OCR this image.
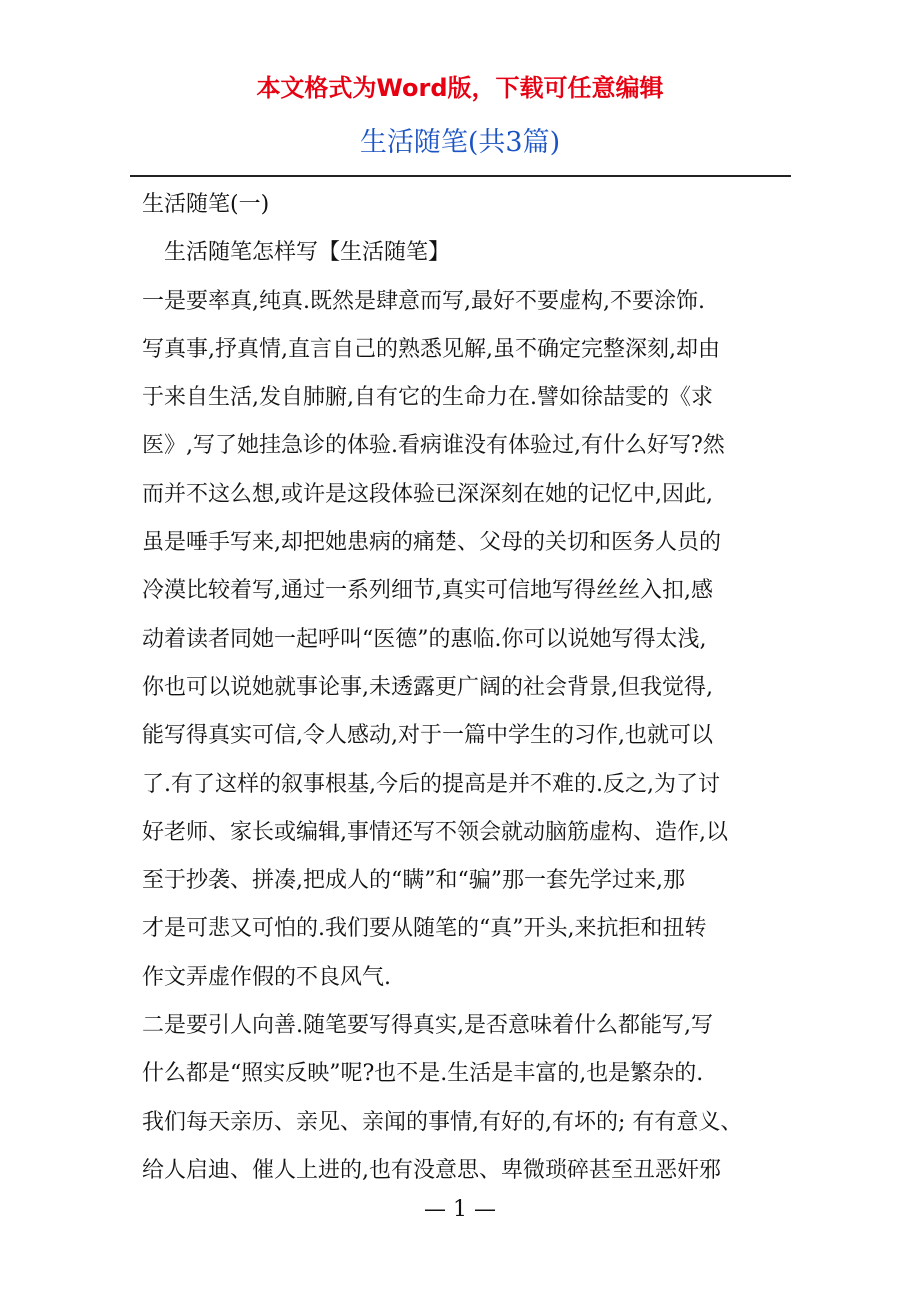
本文格式为Word版，下载可任意编辑
生活随笔(共3篇)

生活随笔(一)

生活随笔怎样写【生活随笔】

一是要率真,纯真.既然是肆意而写,最好不要虚构,不要涂饰.

写真事,抒真情,直言自己的熟悉见解,虽不确定完整深刻,却由

于来自生活,发自肺腑,自有它的生命力在.譬如徐喆雯的《求

医》,写了她挂急诊的体验.看病谁没有体验过,有什么好写?然

而并不这么想,或许是这段体验已深深刻在她的记忆中,因此,

虽是唾手写来,却把她患病的痛楚、父母的关切和医务人员的

冷漠比较着写,通过一系列细节,真实可信地写得丝丝入扣,感

动着读者同她一起呼叫“医德”的惠临.你可以说她写得太浅,

你也可以说她就事论事,未透露更广阔的社会背景,但我觉得,

能写得真实可信,令人感动,对于一篇中学生的习作,也就可以

了.有了这样的叙事根基,今后的提高是并不难的.反之,为了讨

好老师、家长或编辑,事情还写不领会就动脑筋虚构、造作,以

至于抄袭、拼凑,把成人的“瞒”和“骗”那一套先学过来,那

才是可悲又可怕的.我们要从随笔的“真”开头,来抗拒和扭转

作文弄虚作假的不良风气.

二是要引人向善.随笔要写得真实,是否意味着什么都能写,写

什么都是“照实反映”呢?也不是.生活是丰富的,也是繁杂的.

我们每天亲历、亲见、亲闻的事情,有好的,有坏的; 有有意义、

给人启迪、催人上进的,也有没意思、卑微琐碎甚至丑恶奸邪

— 1 —
